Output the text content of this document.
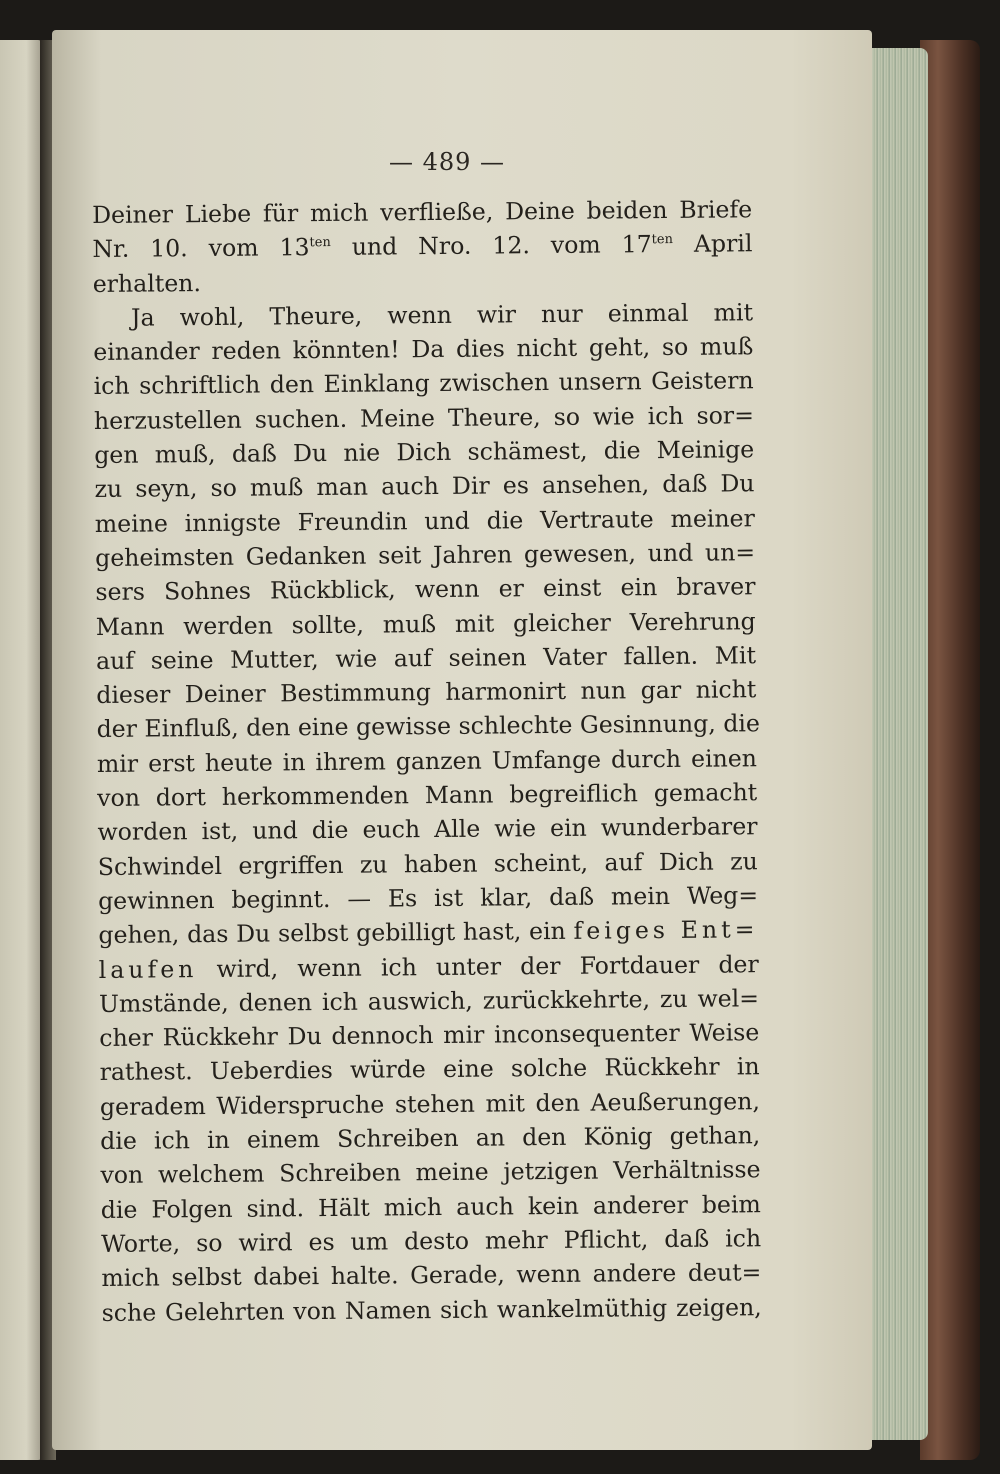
— 489 —
Deiner Liebe für mich verfließe, Deine beiden Briefe
Nr. 10. vom $13^{ten}$ und Nro. 12. vom $17^{ten}$ April
erhalten.
Ja wohl, Theure, wenn wir nur einmal mit
einander reden könnten! Da dies nicht geht, so muß
ich schriftlich den Einklang zwischen unsern Geistern
herzustellen suchen. Meine Theure, so wie ich sor=
gen muß, daß Du nie Dich schämest, die Meinige
zu seyn, so muß man auch Dir es ansehen, daß Du
meine innigste Freundin und die Vertraute meiner
geheimsten Gedanken seit Jahren gewesen, und un=
sers Sohnes Rückblick, wenn er einst ein braver
Mann werden sollte, muß mit gleicher Verehrung
auf seine Mutter, wie auf seinen Vater fallen. Mit
dieser Deiner Bestimmung harmonirt nun gar nicht
der Einfluß, den eine gewisse schlechte Gesinnung, die
mir erst heute in ihrem ganzen Umfange durch einen
von dort herkommenden Mann begreiflich gemacht
worden ist, und die euch Alle wie ein wunderbarer
Schwindel ergriffen zu haben scheint, auf Dich zu
gewinnen beginnt. — Es ist klar, daß mein Weg=
gehen, das Du selbst gebilligt hast, ein feiges Ent=
laufen wird, wenn ich unter der Fortdauer der
Umstände, denen ich auswich, zurückkehrte, zu wel=
cher Rückkehr Du dennoch mir inconsequenter Weise
rathest. Ueberdies würde eine solche Rückkehr in
geradem Widerspruche stehen mit den Aeußerungen,
die ich in einem Schreiben an den König gethan,
von welchem Schreiben meine jetzigen Verhältnisse
die Folgen sind. Hält mich auch kein anderer beim
Worte, so wird es um desto mehr Pflicht, daß ich
mich selbst dabei halte. Gerade, wenn andere deut=
sche Gelehrten von Namen sich wankelmüthig zeigen,
